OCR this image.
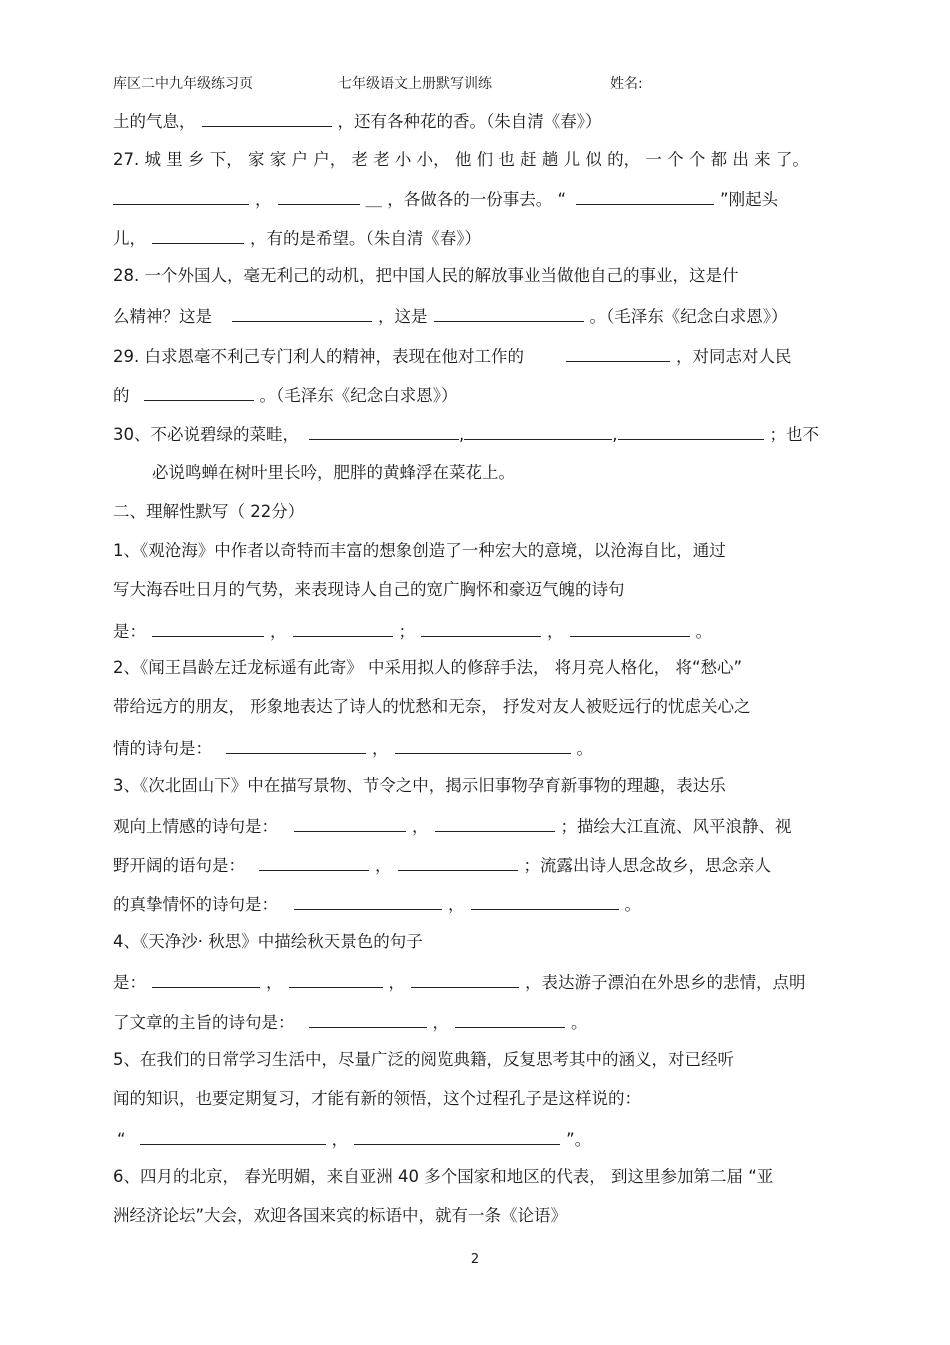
库区二中九年级练习页	七年级语文上册默写训练	姓名:
土的气息，	，还有各种花的香。（朱自清《春》）
27. 城 里 乡 下， 家 家 户 户， 老 老 小 小， 他 们 也 赶 趟 儿 似 的， 一 个 个 都 出 来 了。
，	＿ ，各做各的一份事去。 “	”刚起头
儿，	，有的是希望。（朱自清《春》）
28. 一个外国人，毫无利己的动机，把中国人民的解放事业当做他自己的事业，这是什
么精神？这是	，这是	。（毛泽东《纪念白求恩》）
29. 白求恩毫不利己专门利人的精神，表现在他对工作的	，对同志对人民
的	。（毛泽东《纪念白求恩》）
30、不必说碧绿的菜畦，	,	,	；也不
必说鸣蝉在树叶里长吟，肥胖的黄蜂浮在菜花上。
二、理解性默写（ 22分）
1、《观沧海》中作者以奇特而丰富的想象创造了一种宏大的意境，以沧海自比，通过
写大海吞吐日月的气势，来表现诗人自己的宽广胸怀和豪迈气魄的诗句
是：	，	；	，	。
2、《闻王昌龄左迁龙标遥有此寄》 中采用拟人的修辞手法， 将月亮人格化， 将“愁心”
带给远方的朋友， 形象地表达了诗人的忧愁和无奈， 抒发对友人被贬远行的忧虑关心之
情的诗句是：	，	。
3、《次北固山下》中在描写景物、节令之中，揭示旧事物孕育新事物的理趣，表达乐
观向上情感的诗句是：	，	；描绘大江直流、风平浪静、视
野开阔的语句是：	，	；流露出诗人思念故乡，思念亲人
的真挚情怀的诗句是：	，	。
4、《天净沙· 秋思》中描绘秋天景色的句子
是：	，	，	，表达游子漂泊在外思乡的悲情，点明
了文章的主旨的诗句是：	，	。
5、在我们的日常学习生活中，尽量广泛的阅览典籍，反复思考其中的涵义，对已经听
闻的知识，也要定期复习，才能有新的领悟，这个过程孔子是这样说的：
“	，	”。
6、四月的北京， 春光明媚，来自亚洲 40 多个国家和地区的代表， 到这里参加第二届 “亚
洲经济论坛”大会，欢迎各国来宾的标语中，就有一条《论语》
2
